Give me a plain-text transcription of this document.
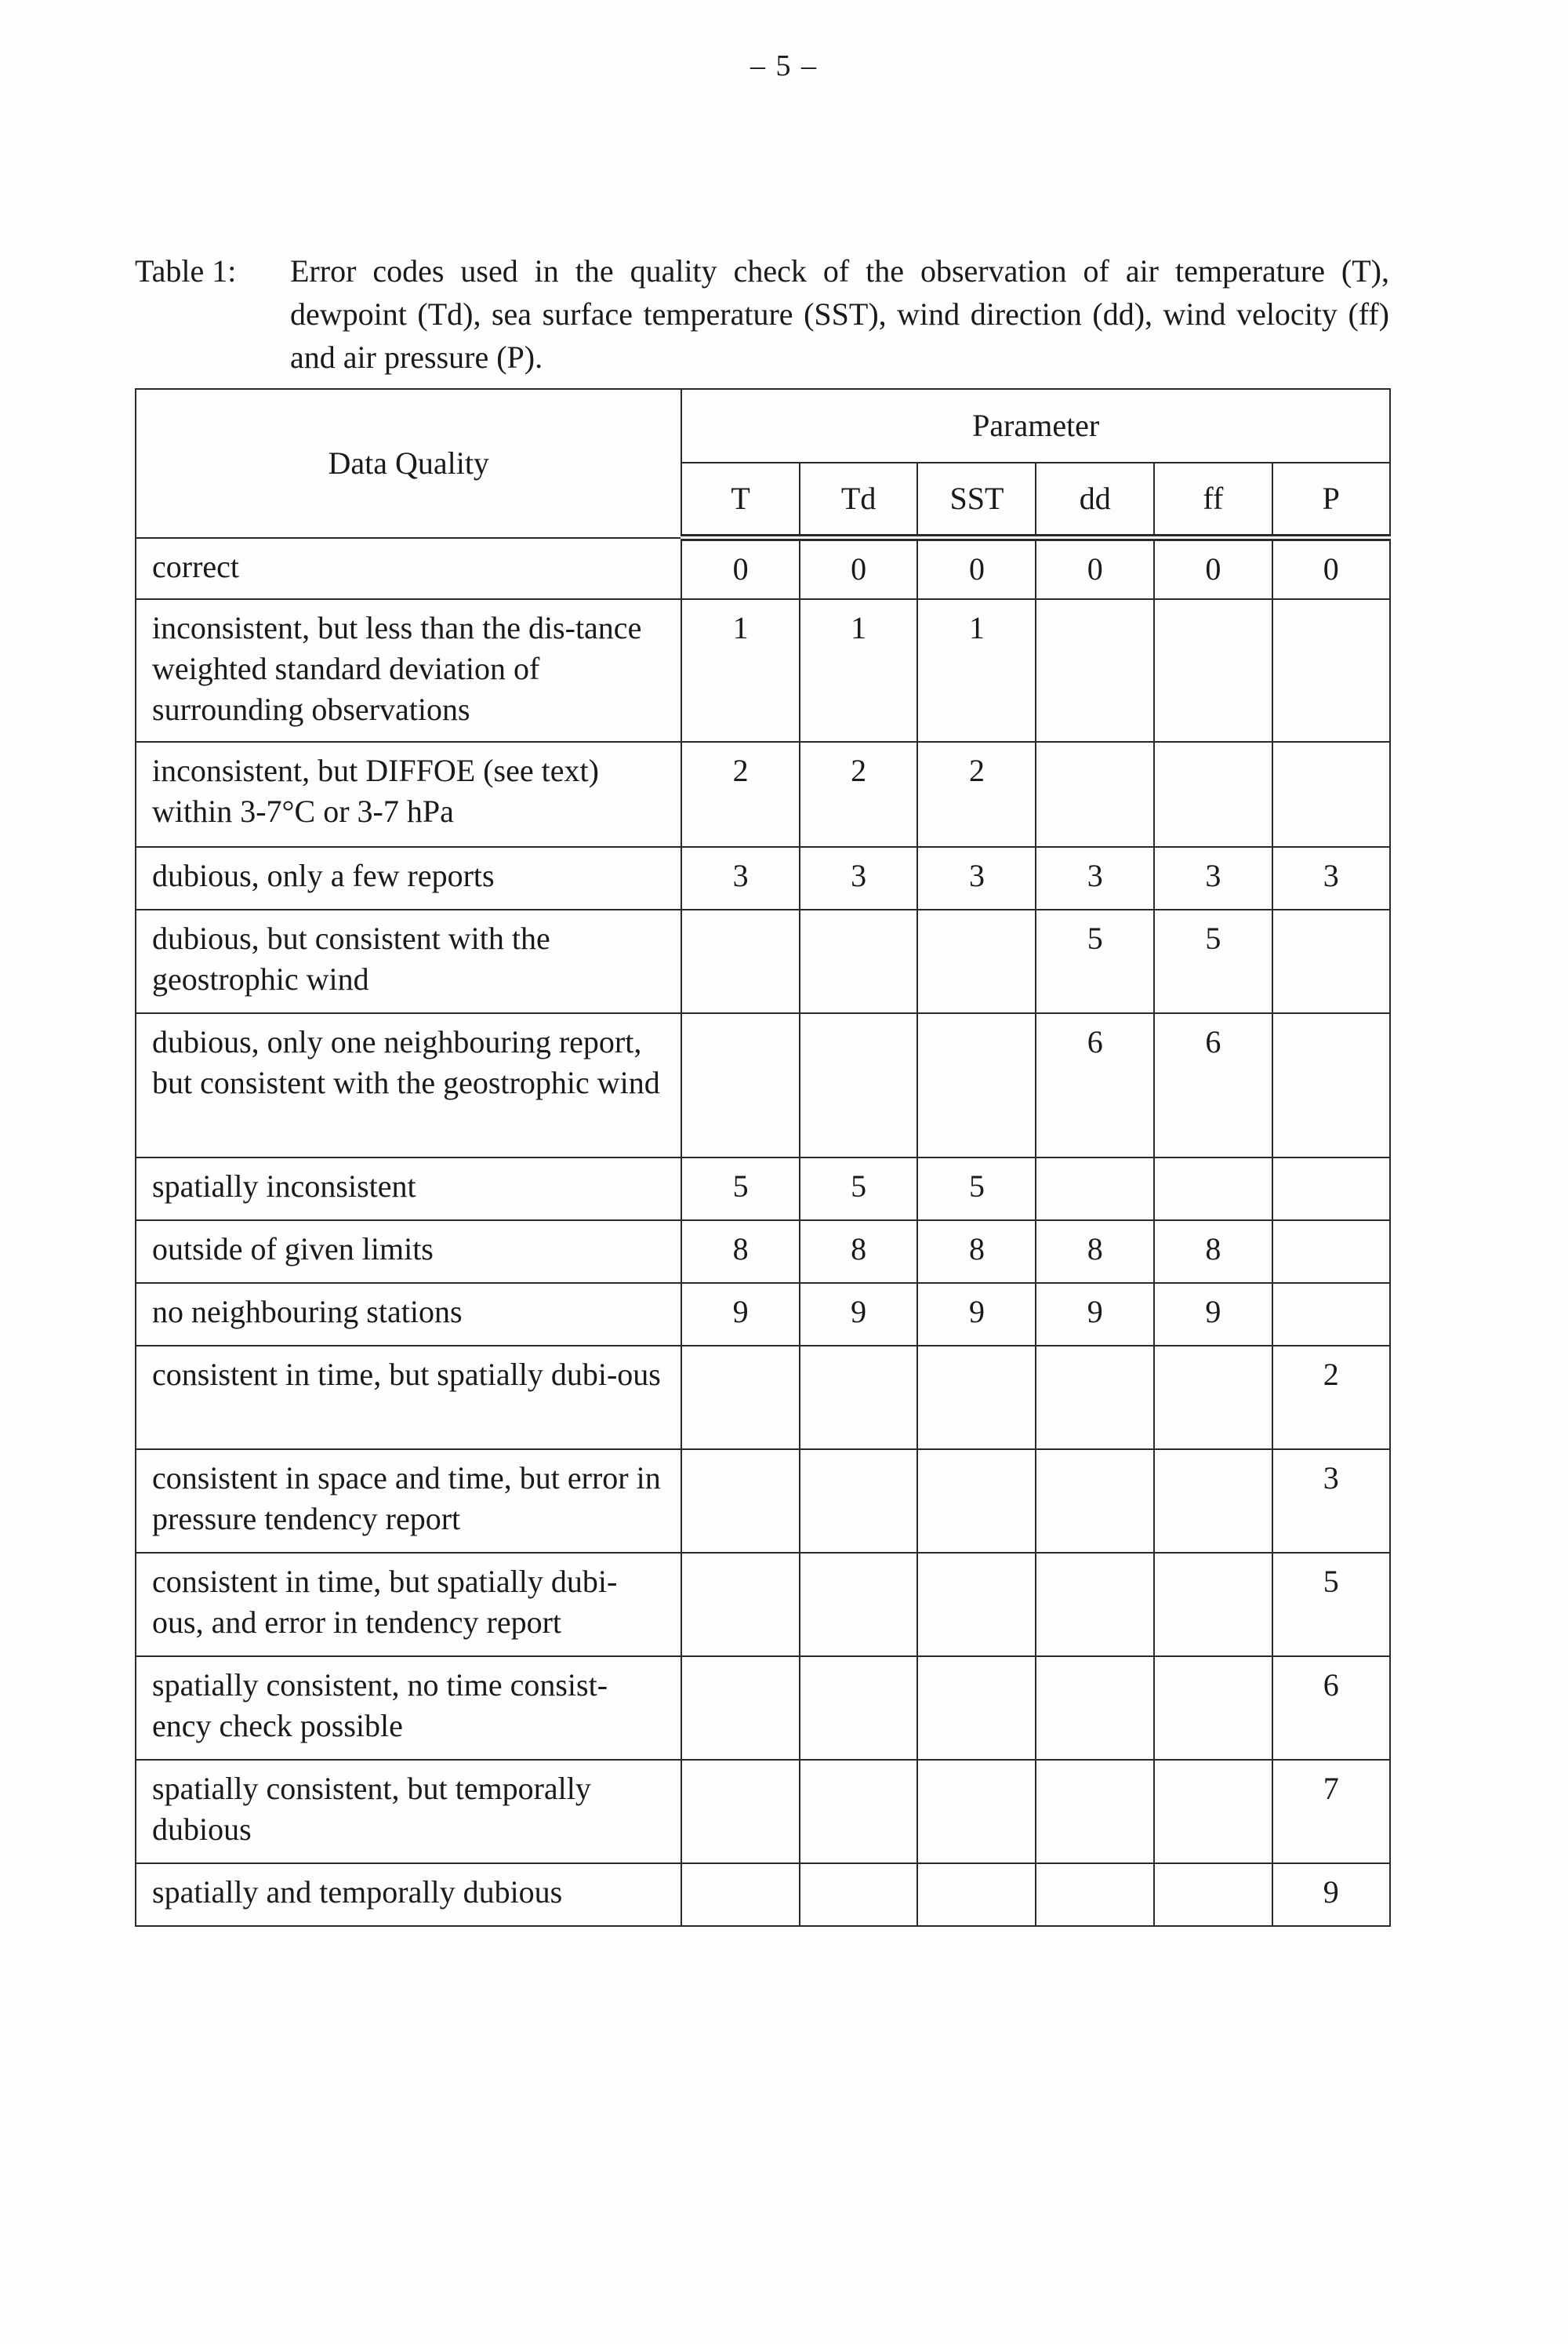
– 5 –
Table 1:	Error codes used in the quality check of the observation of air temperature (T), dewpoint (Td), sea surface temperature (SST), wind direction (dd), wind velocity (ff) and air pressure (P).
Data Quality	Parameter					
	T	Td	SST	dd	ff	P
correct	0	0	0	0	0	0
inconsistent, but less than the dis-tance weighted standard deviation of surrounding observations	1	1	1			
inconsistent, but DIFFOE (see text) within 3-7°C or 3-7 hPa	2	2	2			
dubious, only a few reports	3	3	3	3	3	3
dubious, but consistent with the geostrophic wind				5	5	
dubious, only one neighbouring report, but consistent with the geostrophic wind				6	6	
spatially inconsistent	5	5	5			
outside of given limits	8	8	8	8	8	
no neighbouring stations	9	9	9	9	9	
consistent in time, but spatially dubi-ous						2
consistent in space and time, but error in pressure tendency report						3
consistent in time, but spatially dubi-ous, and error in tendency report						5
spatially consistent, no time consist-ency check possible						6
spatially consistent, but temporally dubious						7
spatially and temporally dubious						9
